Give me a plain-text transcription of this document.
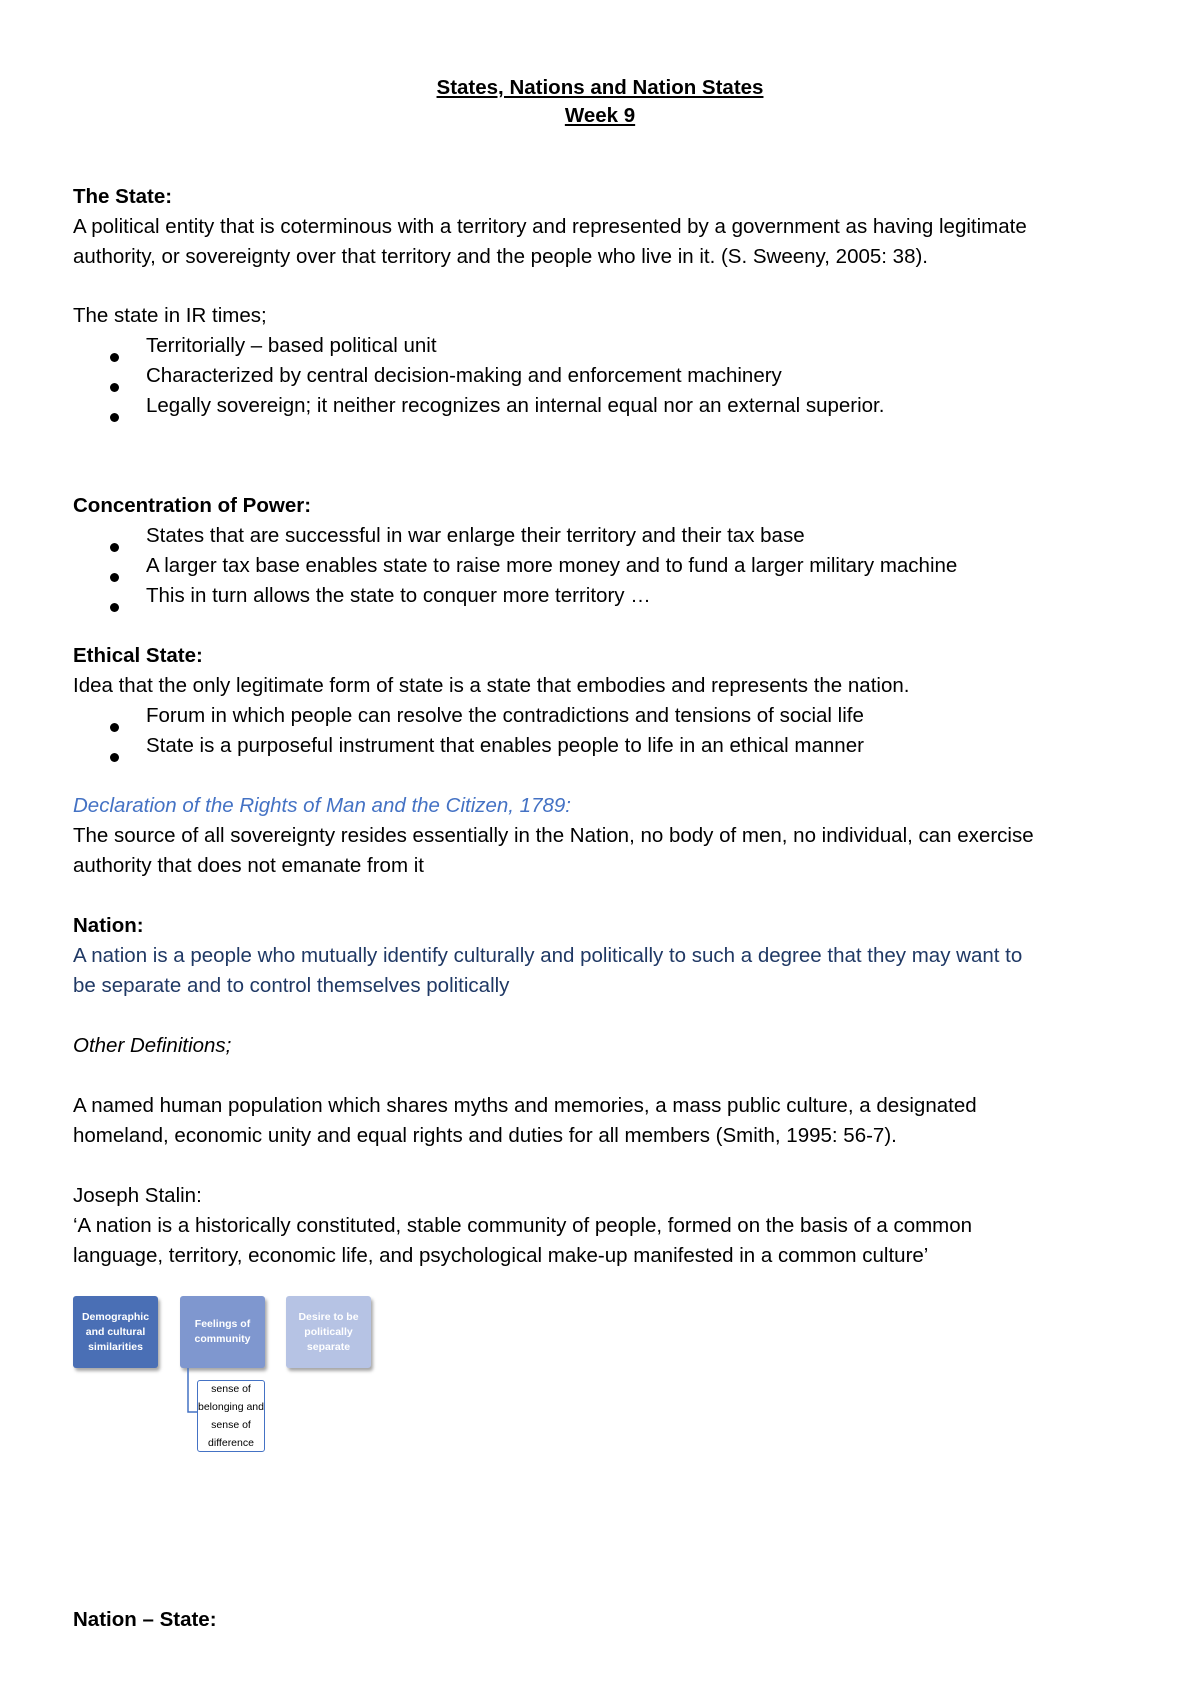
States, Nations and Nation States
Week 9
The State:
A political entity that is coterminous with a territory and represented by a government as having legitimate
authority, or sovereignty over that territory and the people who live in it. (S. Sweeny, 2005: 38).
The state in IR times;
Territorially – based political unit
Characterized by central decision-making and enforcement machinery
Legally sovereign; it neither recognizes an internal equal nor an external superior.
Concentration of Power:
States that are successful in war enlarge their territory and their tax base
A larger tax base enables state to raise more money and to fund a larger military machine
This in turn allows the state to conquer more territory …
Ethical State:
Idea that the only legitimate form of state is a state that embodies and represents the nation.
Forum in which people can resolve the contradictions and tensions of social life
State is a purposeful instrument that enables people to life in an ethical manner
Declaration of the Rights of Man and the Citizen, 1789:
The source of all sovereignty resides essentially in the Nation, no body of men, no individual, can exercise
authority that does not emanate from it
Nation:
A nation is a people who mutually identify culturally and politically to such a degree that they may want to
be separate and to control themselves politically
Other Definitions;
A named human population which shares myths and memories, a mass public culture, a designated
homeland, economic unity and equal rights and duties for all members (Smith, 1995: 56-7).
Joseph Stalin:
‘A nation is a historically constituted, stable community of people, formed on the basis of a common
language, territory, economic life, and psychological make-up manifested in a common culture’
Demographic and cultural similarities
Feelings of community
Desire to be politically separate
sense of belonging and sense of difference
Nation – State:
